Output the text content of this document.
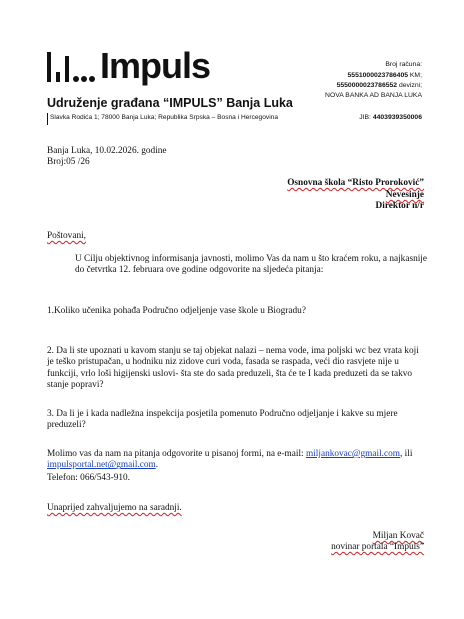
Impuls
Udruženje građana “IMPULS” Banja Luka
Slavka Rodića 1; 78000 Banja Luka; Republika Srpska – Bosna i Hercegovina
Broj računa:
5551000023786405 KM;
5550000023786552 devizni;
NOVA BANKA AD BANJA LUKA
JIB: 4403939350006
Banja Luka, 10.02.2026. godine
Broj:05 /26
Osnovna škola “Risto Proroković”
Nevesinje
Direktor n/r
Poštovani,
U Cilju objektivnog informisanja javnosti, molimo Vas da nam u što kraćem roku, a najkasnije do četvrtka 12. februara ove godine odgovorite na sljedeća pitanja:
1.Koliko učenika pohađa Područno odjeljenje vase škole u Biogradu?
2. Da li ste upoznati u kavom stanju se taj objekat nalazi – nema vode, ima poljski wc bez vrata koji je teško pristupačan, u hodniku niz zidove curi voda, fasada se raspada, veći dio rasvjete nije u funkciji, vrlo loši higijenski uslovi- šta ste do sada preduzeli, šta će te I kada preduzeti da se takvo stanje popravi?
3. Da li je i kada nadležna inspekcija posjetila pomenuto Područno odjeljanje i kakve su mjere preduzeli?
Molimo vas da nam na pitanja odgovorite u pisanoj formi, na e-mail: miljankovac@gmail.com, ili impulsportal.net@gmail.com.
Telefon: 066/543-910.
Unaprijed zahvaljujemo na saradnji.
Miljan Kovač
novinar portala “Impuls”
